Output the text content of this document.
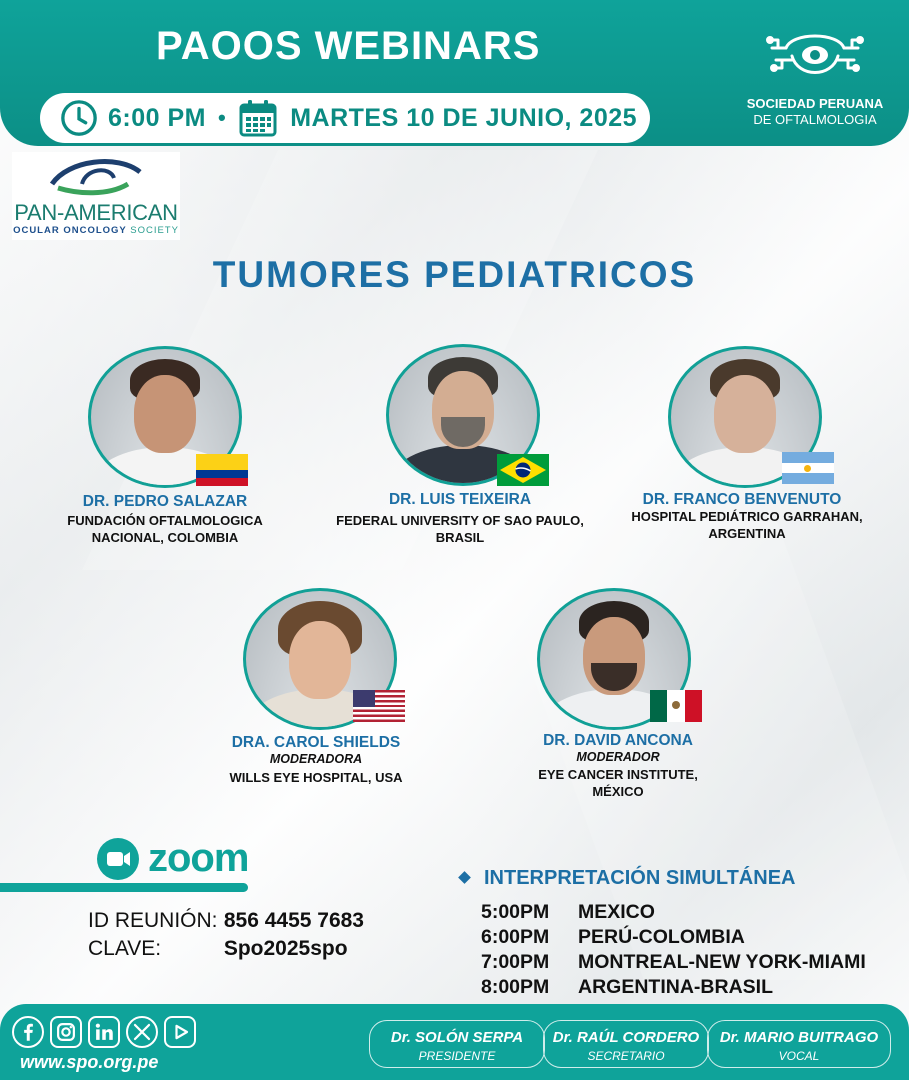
PAOOS WEBINARS
6:00 PM •	MARTES 10 DE JUNIO, 2025	SOCIEDAD PERUANA
DE OFTALMOLOGIA
PAN-AMERICAN
OCULAR ONCOLOGY SOCIETY
TUMORES PEDIATRICOS
DR. PEDRO SALAZAR
FUNDACIÓN OFTALMOLOGICA
NACIONAL, COLOMBIA
DR. LUIS TEIXEIRA
FEDERAL UNIVERSITY OF SAO PAULO,
BRASIL
DR. FRANCO BENVENUTO
HOSPITAL PEDIÁTRICO GARRAHAN,
ARGENTINA
DRA. CAROL SHIELDS
MODERADORA
WILLS EYE HOSPITAL, USA
DR. DAVID ANCONA
MODERADOR
EYE CANCER INSTITUTE,
MÉXICO
zoom
ID REUNIÓN: 856 4455 7683
CLAVE:	Spo2025spo
INTERPRETACIÓN SIMULTÁNEA
5:00PM MEXICO
6:00PM PERÚ-COLOMBIA
7:00PM MONTREAL-NEW YORK-MIAMI
8:00PM ARGENTINA-BRASIL
www.spo.org.pe
Dr. SOLÓN SERPA
PRESIDENTE
Dr. RAÚL CORDERO
SECRETARIO
Dr. MARIO BUITRAGO
VOCAL
